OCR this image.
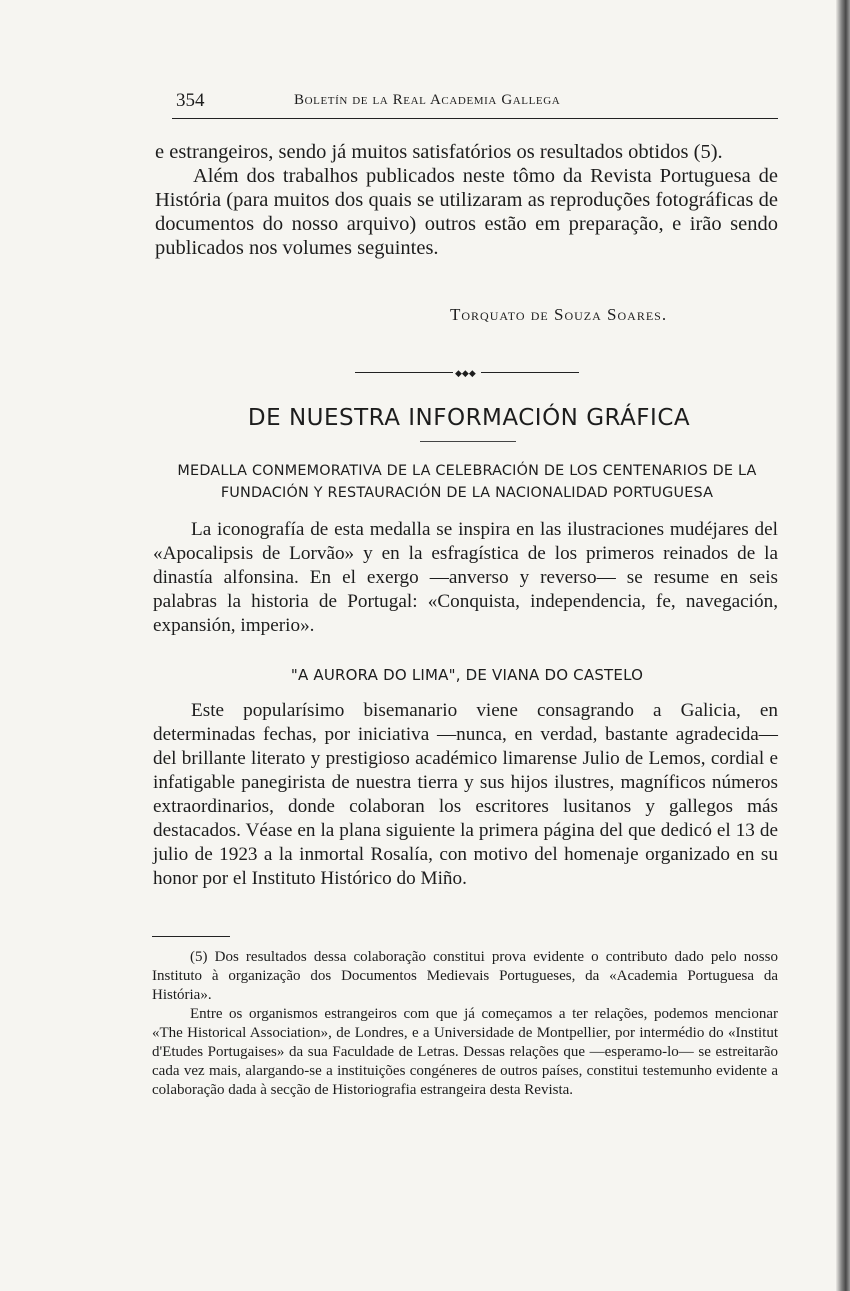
354	Boletín de la Real Academia Gallega

e estrangeiros, sendo já muitos satisfatórios os resultados obtidos (5).

Além dos trabalhos publicados neste tômo da Revista Portuguesa de História (para muitos dos quais se utilizaram as reproduções fotográficas de documentos do nosso arquivo) outros estão em preparação, e irão sendo publicados nos volumes seguintes.

Torquato de Souza Soares.
◆◆◆
DE NUESTRA INFORMACIÓN GRÁFICA
MEDALLA CONMEMORATIVA DE LA CELEBRACIÓN DE LOS CENTENARIOS DE LA FUNDACIÓN Y RESTAURACIÓN DE LA NACIONALIDAD PORTUGUESA

La iconografía de esta medalla se inspira en las ilustraciones mudéjares del «Apocalipsis de Lorvão» y en la esfragística de los primeros reinados de la dinastía alfonsina. En el exergo —anverso y reverso— se resume en seis palabras la historia de Portugal: «Conquista, independencia, fe, navegación, expansión, imperio».

"A AURORA DO LIMA", DE VIANA DO CASTELO

Este popularísimo bisemanario viene consagrando a Galicia, en determinadas fechas, por iniciativa —nunca, en verdad, bastante agradecida— del brillante literato y prestigioso académico limarense Julio de Lemos, cordial e infatigable panegirista de nuestra tierra y sus hijos ilustres, magníficos números extraordinarios, donde colaboran los escritores lusitanos y gallegos más destacados. Véase en la plana siguiente la primera página del que dedicó el 13 de julio de 1923 a la inmortal Rosalía, con motivo del homenaje organizado en su honor por el Instituto Histórico do Miño.

(5) Dos resultados dessa colaboração constitui prova evidente o contributo dado pelo nosso Instituto à organização dos Documentos Medievais Portugueses, da «Academia Portuguesa da História».

Entre os organismos estrangeiros com que já começamos a ter relações, podemos mencionar «The Historical Association», de Londres, e a Universidade de Montpellier, por intermédio do «Institut d'Etudes Portugaises» da sua Faculdade de Letras. Dessas relações que —esperamo-lo— se estreitarão cada vez mais, alargando-se a instituições congéneres de outros países, constitui testemunho evidente a colaboração dada à secção de Historiografia estrangeira desta Revista.
